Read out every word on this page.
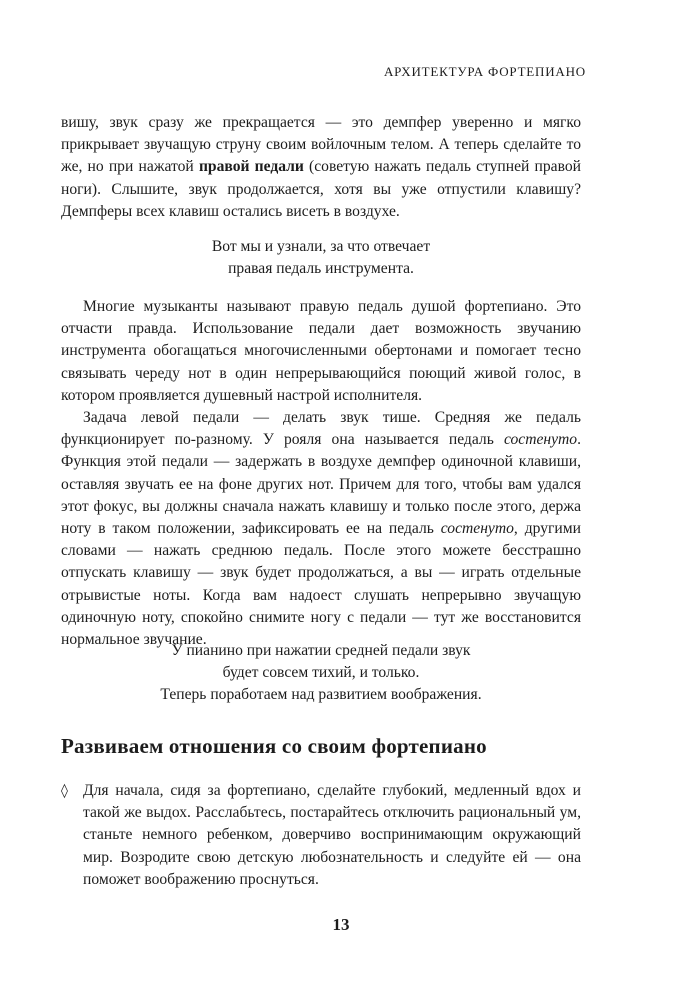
АРХИТЕКТУРА ФОРТЕПИАНО

вишу, звук сразу же прекращается — это демпфер уверенно и мягко прикрывает звучащую струну своим войлочным телом. А теперь сделайте то же, но при нажатой правой педали (советую нажать педаль ступней правой ноги). Слышите, звук продолжается, хотя вы уже отпустили клавишу? Демпферы всех клавиш остались висеть в воздухе.

Вот мы и узнали, за что отвечает
правая педаль инструмента.

Многие музыканты называют правую педаль душой фортепиано. Это отчасти правда. Использование педали дает возможность звучанию инструмента обогащаться многочисленными обертонами и помогает тесно связывать череду нот в один непрерывающийся поющий живой голос, в котором проявляется душевный настрой исполнителя.

Задача левой педали — делать звук тише. Средняя же педаль функционирует по-разному. У рояля она называется педаль состенуто. Функция этой педали — задержать в воздухе демпфер одиночной клавиши, оставляя звучать ее на фоне других нот. Причем для того, чтобы вам удался этот фокус, вы должны сначала нажать клавишу и только после этого, держа ноту в таком положении, зафиксировать ее на педаль состенуто, другими словами — нажать среднюю педаль. После этого можете бесстрашно отпускать клавишу — звук будет продолжаться, а вы — играть отдельные отрывистые ноты. Когда вам надоест слушать непрерывно звучащую одиночную ноту, спокойно снимите ногу с педали — тут же восстановится нормальное звучание.

У пианино при нажатии средней педали звук
будет совсем тихий, и только.
Теперь поработаем над развитием воображения.
Развиваем отношения со своим фортепиано
◊ Для начала, сидя за фортепиано, сделайте глубокий, медленный вдох и такой же выдох. Расслабьтесь, постарайтесь отключить рациональный ум, станьте немного ребенком, доверчиво воспринимающим окружающий мир. Возродите свою детскую любознательность и следуйте ей — она поможет воображению проснуться.
13
